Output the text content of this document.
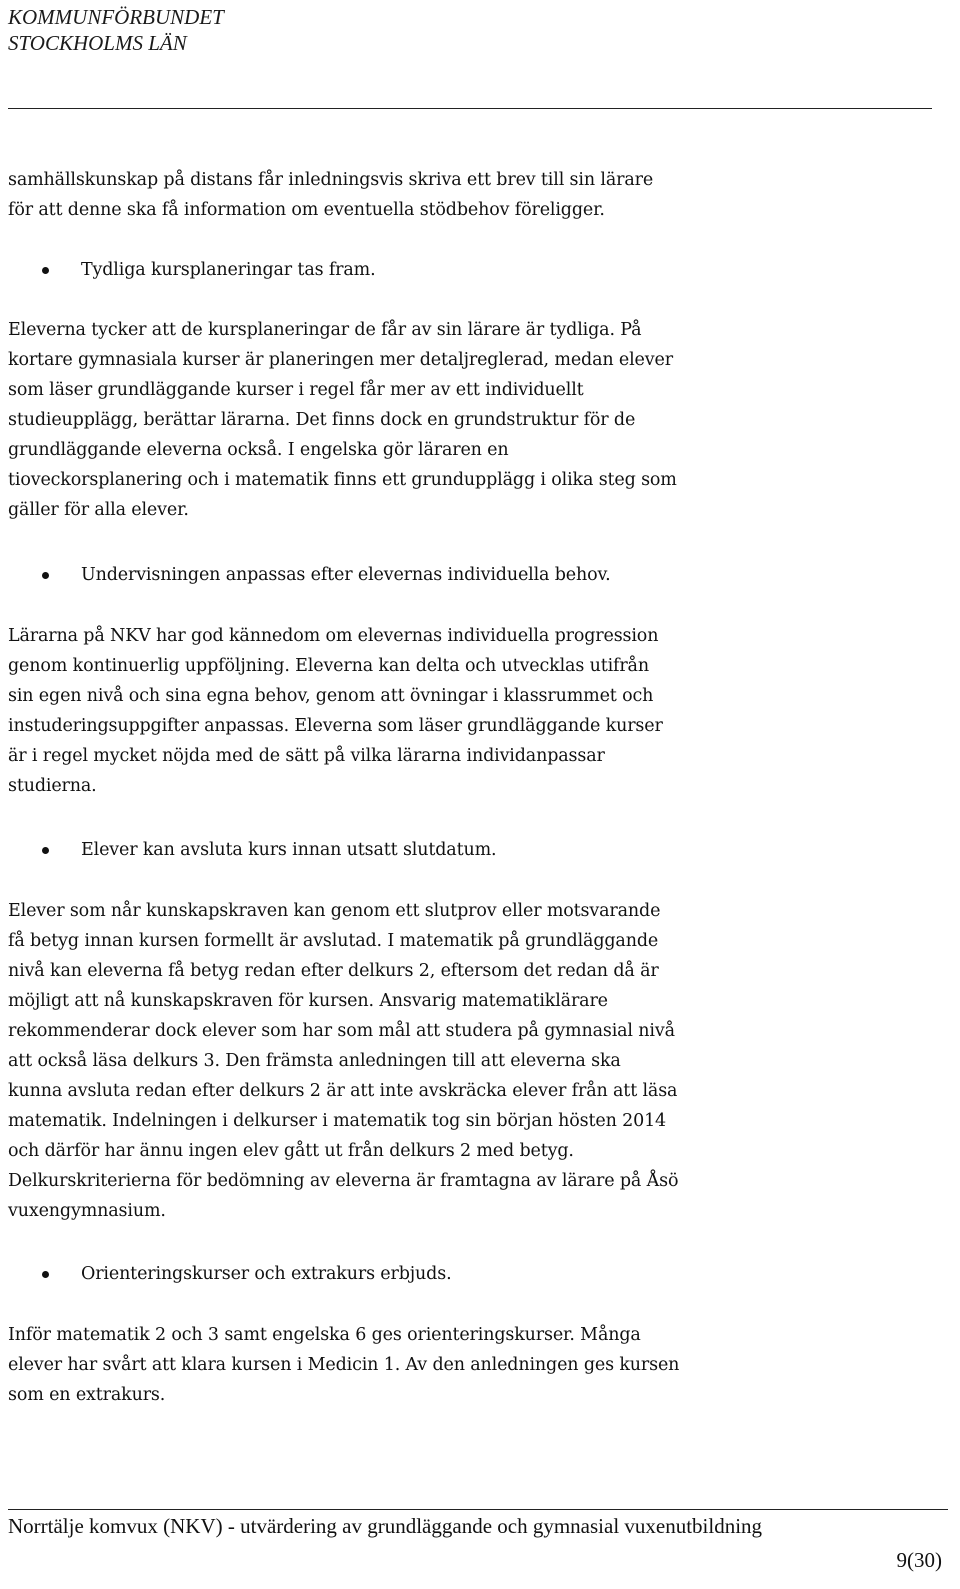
KOMMUNFÖRBUNDET
STOCKHOLMS LÄN

samhällskunskap på distans får inledningsvis skriva ett brev till sin lärare
för att denne ska få information om eventuella stödbehov föreligger.

Tydliga kursplaneringar tas fram.

Eleverna tycker att de kursplaneringar de får av sin lärare är tydliga. På
kortare gymnasiala kurser är planeringen mer detaljreglerad, medan elever
som läser grundläggande kurser i regel får mer av ett individuellt
studieupplägg, berättar lärarna. Det finns dock en grundstruktur för de
grundläggande eleverna också. I engelska gör läraren en
tioveckorsplanering och i matematik finns ett grundupplägg i olika steg som
gäller för alla elever.

Undervisningen anpassas efter elevernas individuella behov.

Lärarna på NKV har god kännedom om elevernas individuella progression
genom kontinuerlig uppföljning. Eleverna kan delta och utvecklas utifrån
sin egen nivå och sina egna behov, genom att övningar i klassrummet och
instuderingsuppgifter anpassas. Eleverna som läser grundläggande kurser
är i regel mycket nöjda med de sätt på vilka lärarna individanpassar
studierna.

Elever kan avsluta kurs innan utsatt slutdatum.

Elever som når kunskapskraven kan genom ett slutprov eller motsvarande
få betyg innan kursen formellt är avslutad. I matematik på grundläggande
nivå kan eleverna få betyg redan efter delkurs 2, eftersom det redan då är
möjligt att nå kunskapskraven för kursen. Ansvarig matematiklärare
rekommenderar dock elever som har som mål att studera på gymnasial nivå
att också läsa delkurs 3. Den främsta anledningen till att eleverna ska
kunna avsluta redan efter delkurs 2 är att inte avskräcka elever från att läsa
matematik. Indelningen i delkurser i matematik tog sin början hösten 2014
och därför har ännu ingen elev gått ut från delkurs 2 med betyg.
Delkurskriterierna för bedömning av eleverna är framtagna av lärare på Åsö
vuxengymnasium.

Orienteringskurser och extrakurs erbjuds.

Inför matematik 2 och 3 samt engelska 6 ges orienteringskurser. Många
elever har svårt att klara kursen i Medicin 1. Av den anledningen ges kursen
som en extrakurs.

Norrtälje komvux (NKV) - utvärdering av grundläggande och gymnasial vuxenutbildning
9(30)
